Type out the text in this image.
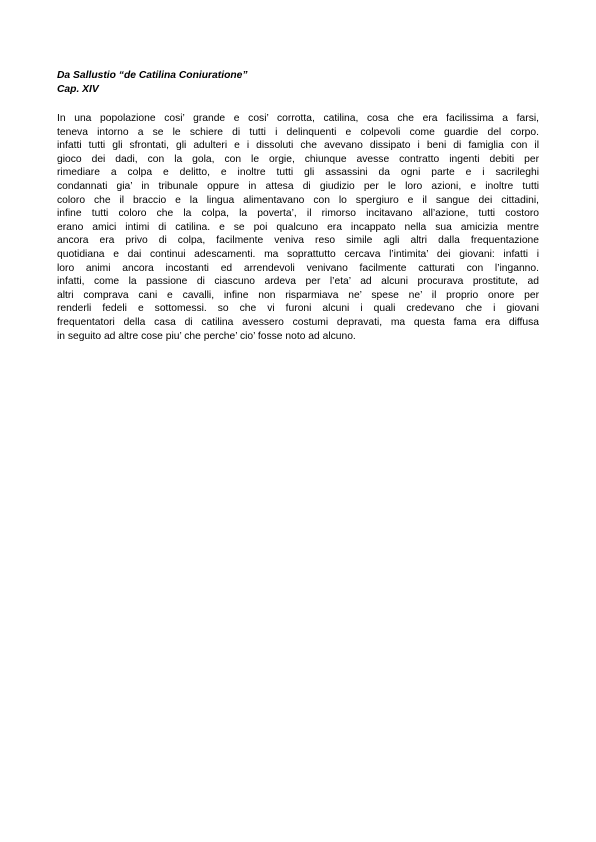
Da Sallustio “de Catilina Coniuratione”
Cap. XIV
In una popolazione cosi’ grande e cosi’ corrotta, catilina, cosa che era facilissima a farsi,
teneva intorno a se le schiere di tutti i delinquenti e colpevoli come guardie del corpo.
infatti tutti gli sfrontati, gli adulteri e i dissoluti che avevano dissipato i beni di famiglia con il
gioco dei dadi, con la gola, con le orgie, chiunque avesse contratto ingenti debiti per
rimediare a colpa e delitto, e inoltre tutti gli assassini da ogni parte e i sacrileghi
condannati gia’ in tribunale oppure in attesa di giudizio per le loro azioni, e inoltre tutti
coloro che il braccio e la lingua alimentavano con lo spergiuro e il sangue dei cittadini,
infine tutti coloro che la colpa, la poverta’, il rimorso incitavano all’azione, tutti costoro
erano amici intimi di catilina. e se poi qualcuno era incappato nella sua amicizia mentre
ancora era privo di colpa, facilmente veniva reso simile agli altri dalla frequentazione
quotidiana e dai continui adescamenti. ma soprattutto cercava l’intimita’ dei giovani: infatti i
loro animi ancora incostanti ed arrendevoli venivano facilmente catturati con l’inganno.
infatti, come la passione di ciascuno ardeva per l’eta’ ad alcuni procurava prostitute, ad
altri comprava cani e cavalli, infine non risparmiava ne’ spese ne’ il proprio onore per
renderli fedeli e sottomessi. so che vi furoni alcuni i quali credevano che i giovani
frequentatori della casa di catilina avessero costumi depravati, ma questa fama era diffusa
in seguito ad altre cose piu’ che perche’ cio’ fosse noto ad alcuno.
